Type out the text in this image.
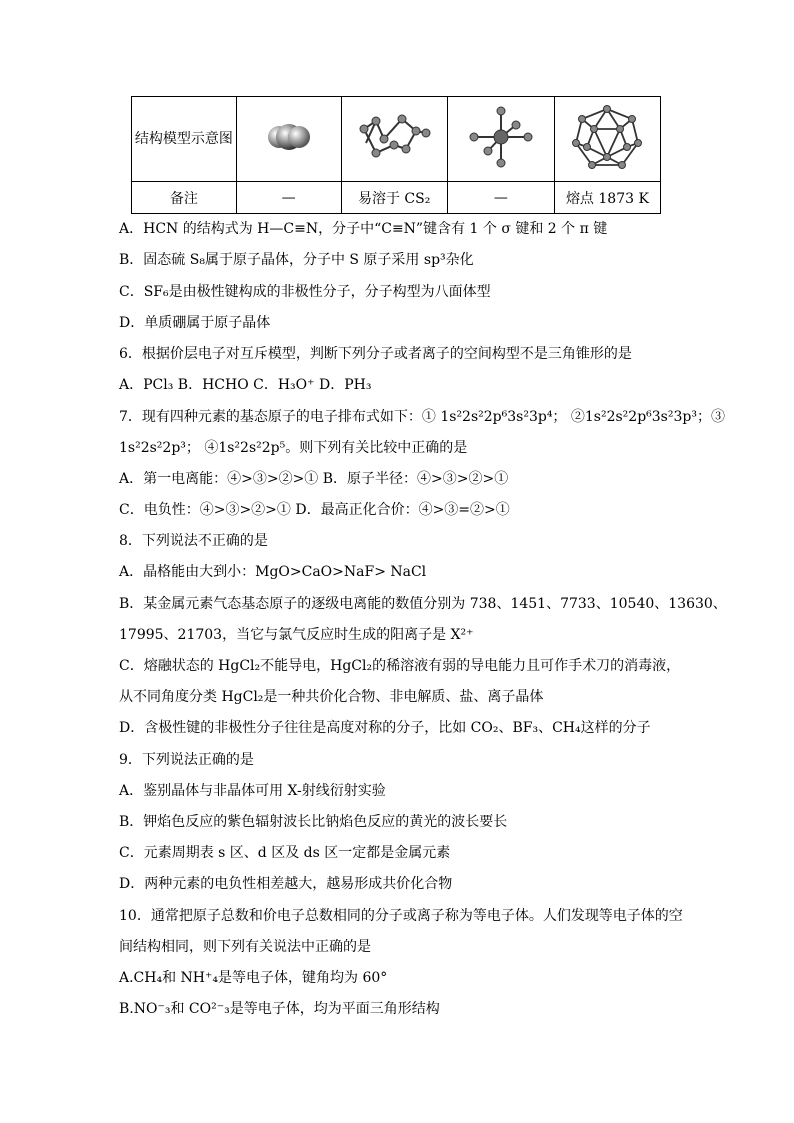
结构模型示意图

备注	—	易溶于 CS₂	—	熔点 1873 K
A．HCN 的结构式为 H—C≡N，分子中“C≡N”键含有 1 个 σ 键和 2 个 π 键
B．固态硫 S₈属于原子晶体，分子中 S 原子采用 sp³杂化
C．SF₆是由极性键构成的非极性分子，分子构型为八面体型
D．单质硼属于原子晶体
6．根据价层电子对互斥模型，判断下列分子或者离子的空间构型不是三角锥形的是
A．PCl₃ B．HCHO C．H₃O⁺ D．PH₃
7．现有四种元素的基态原子的电子排布式如下：① 1s²2s²2p⁶3s²3p⁴； ②1s²2s²2p⁶3s²3p³；③
1s²2s²2p³； ④1s²2s²2p⁵。则下列有关比较中正确的是
A．第一电离能：④>③>②>① B．原子半径：④>③>②>①
C．电负性：④>③>②>① D．最高正化合价：④>③=②>①
8．下列说法不正确的是
A．晶格能由大到小：MgO>CaO>NaF> NaCl
B．某金属元素气态基态原子的逐级电离能的数值分别为 738、1451、7733、10540、13630、
17995、21703，当它与氯气反应时生成的阳离子是 X²⁺
C．熔融状态的 HgCl₂不能导电，HgCl₂的稀溶液有弱的导电能力且可作手术刀的消毒液，
从不同角度分类 HgCl₂是一种共价化合物、非电解质、盐、离子晶体
D．含极性键的非极性分子往往是高度对称的分子，比如 CO₂、BF₃、CH₄这样的分子
9．下列说法正确的是
A．鉴别晶体与非晶体可用 X-射线衍射实验
B．钾焰色反应的紫色辐射波长比钠焰色反应的黄光的波长要长
C．元素周期表 s 区、d 区及 ds 区一定都是金属元素
D．两种元素的电负性相差越大，越易形成共价化合物
10．通常把原子总数和价电子总数相同的分子或离子称为等电子体。人们发现等电子体的空
间结构相同，则下列有关说法中正确的是
A.CH₄和 NH⁺₄是等电子体，键角均为 60°
B.NO⁻₃和 CO²⁻₃是等电子体，均为平面三角形结构
